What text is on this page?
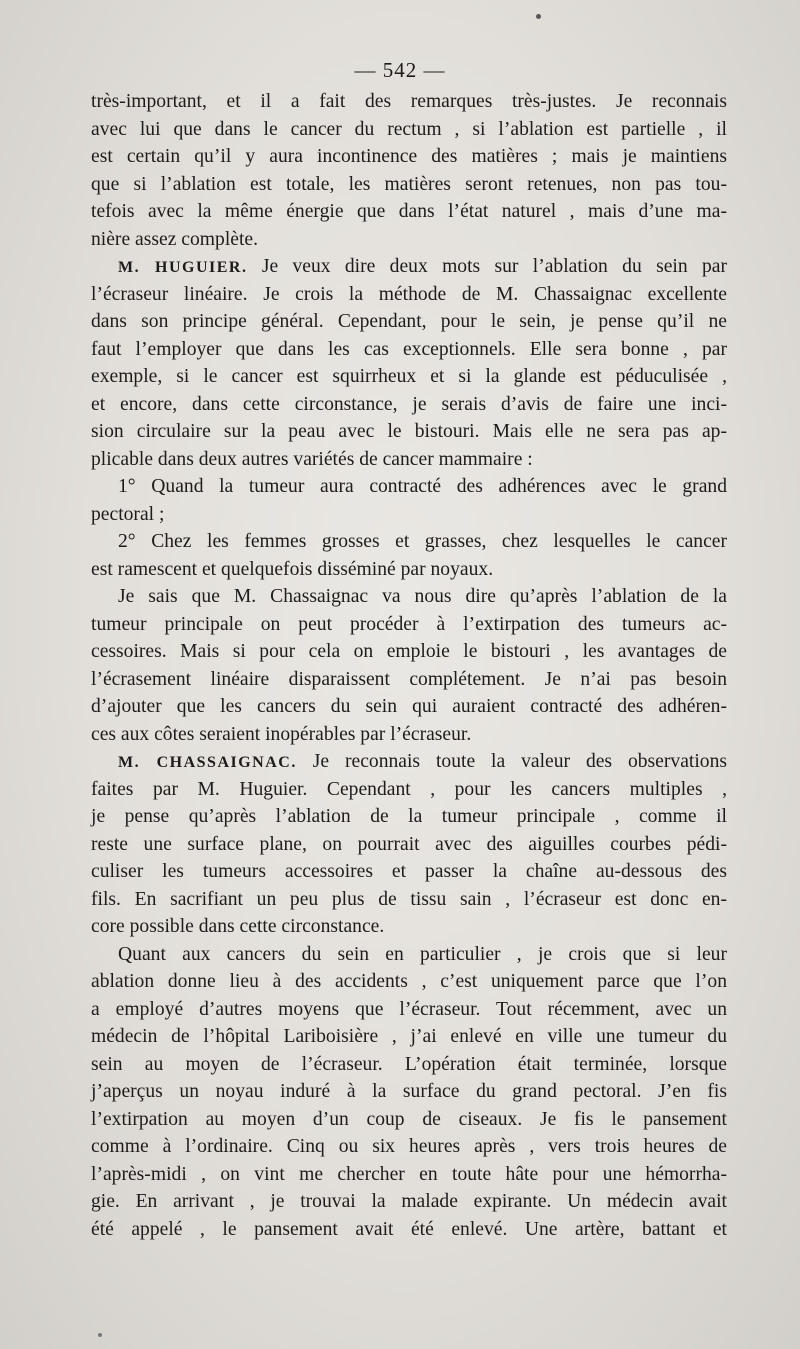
— 542 —
très-important, et il a fait des remarques très-justes. Je reconnais
avec lui que dans le cancer du rectum , si l’ablation est partielle , il
est certain qu’il y aura incontinence des matières ; mais je maintiens
que si l’ablation est totale, les matières seront retenues, non pas tou-
tefois avec la même énergie que dans l’état naturel , mais d’une ma-
nière assez complète.
M. HUGUIER. Je veux dire deux mots sur l’ablation du sein par
l’écraseur linéaire. Je crois la méthode de M. Chassaignac excellente
dans son principe général. Cependant, pour le sein, je pense qu’il ne
faut l’employer que dans les cas exceptionnels. Elle sera bonne , par
exemple, si le cancer est squirrheux et si la glande est péduculisée ,
et encore, dans cette circonstance, je serais d’avis de faire une inci-
sion circulaire sur la peau avec le bistouri. Mais elle ne sera pas ap-
plicable dans deux autres variétés de cancer mammaire :
1° Quand la tumeur aura contracté des adhérences avec le grand
pectoral ;
2° Chez les femmes grosses et grasses, chez lesquelles le cancer
est ramescent et quelquefois disséminé par noyaux.
Je sais que M. Chassaignac va nous dire qu’après l’ablation de la
tumeur principale on peut procéder à l’extirpation des tumeurs ac-
cessoires. Mais si pour cela on emploie le bistouri , les avantages de
l’écrasement linéaire disparaissent complétement. Je n’ai pas besoin
d’ajouter que les cancers du sein qui auraient contracté des adhéren-
ces aux côtes seraient inopérables par l’écraseur.
M. CHASSAIGNAC. Je reconnais toute la valeur des observations
faites par M. Huguier. Cependant , pour les cancers multiples ,
je pense qu’après l’ablation de la tumeur principale , comme il
reste une surface plane, on pourrait avec des aiguilles courbes pédi-
culiser les tumeurs accessoires et passer la chaîne au-dessous des
fils. En sacrifiant un peu plus de tissu sain , l’écraseur est donc en-
core possible dans cette circonstance.
Quant aux cancers du sein en particulier , je crois que si leur
ablation donne lieu à des accidents , c’est uniquement parce que l’on
a employé d’autres moyens que l’écraseur. Tout récemment, avec un
médecin de l’hôpital Lariboisière , j’ai enlevé en ville une tumeur du
sein au moyen de l’écraseur. L’opération était terminée, lorsque
j’aperçus un noyau induré à la surface du grand pectoral. J’en fis
l’extirpation au moyen d’un coup de ciseaux. Je fis le pansement
comme à l’ordinaire. Cinq ou six heures après , vers trois heures de
l’après-midi , on vint me chercher en toute hâte pour une hémorrha-
gie. En arrivant , je trouvai la malade expirante. Un médecin avait
été appelé , le pansement avait été enlevé. Une artère, battant et
